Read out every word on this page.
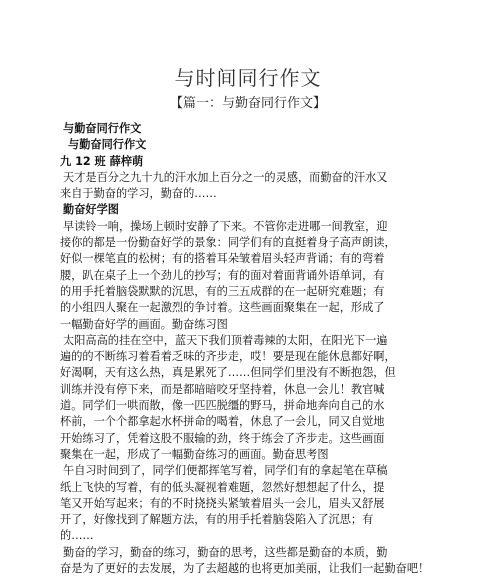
与时间同行作文
【篇一：与勤奋同行作文】
与勤奋同行作文
与勤奋同行作文
九 12 班 薛梓萌
天才是百分之九十九的汗水加上百分之一的灵感，而勤奋的汗水又
来自于勤奋的学习，勤奋的……
勤奋好学图
早读铃一响，操场上顿时安静了下来。不管你走进哪一间教室，迎
接你的都是一份勤奋好学的景象：同学们有的直挺着身子高声朗读，
好似一棵笔直的松树；有的搭着耳朵皱着眉头轻声背诵；有的弯着
腰，趴在桌子上一个劲儿的抄写；有的面对着面背诵外语单词，有
的用手托着脑袋默默的沉思，有的三五成群的在一起研究难题；有
的小组四人聚在一起激烈的争讨着。这些画面聚集在一起，形成了
一幅勤奋好学的画面。勤奋练习图
太阳高高的挂在空中，蓝天下我们顶着毒辣的太阳，在阳光下一遍
遍的的不断练习着看着乏味的齐步走，哎！要是现在能休息都好啊，
好渴啊，天有这么热，真是累死了……但同学们里没有不断抱怨，但
训练并没有停下来，而是都暗暗咬牙坚持着，休息一会儿！教官喊
道。同学们一哄而散，像一匹匹脱缰的野马，拼命地奔向自己的水
杯前，一个个都拿起水杯拼命的喝着，休息了一会儿，同又自觉地
开始练习了，凭着这股不服输的劲，终于练会了齐步走。这些画面
聚集在一起，形成了一幅勤奋练习的画面。勤奋思考图
午自习时间到了，同学们便都挥笔写着，同学们有的拿起笔在草稿
纸上飞快的写着，有的低头凝视着难题，忽然好想想起了什么，提
笔又开始写起来；有的不时挠挠头紧皱着眉头一会儿，眉头又舒展
开了，好像找到了解题方法，有的用手托着脑袋陷入了沉思；有
的……
勤奋的学习，勤奋的练习，勤奋的思考，这些都是勤奋的本质，勤
奋是为了更好的去发展，为了去超越的也将更加美丽，让我们一起勤奋吧！
